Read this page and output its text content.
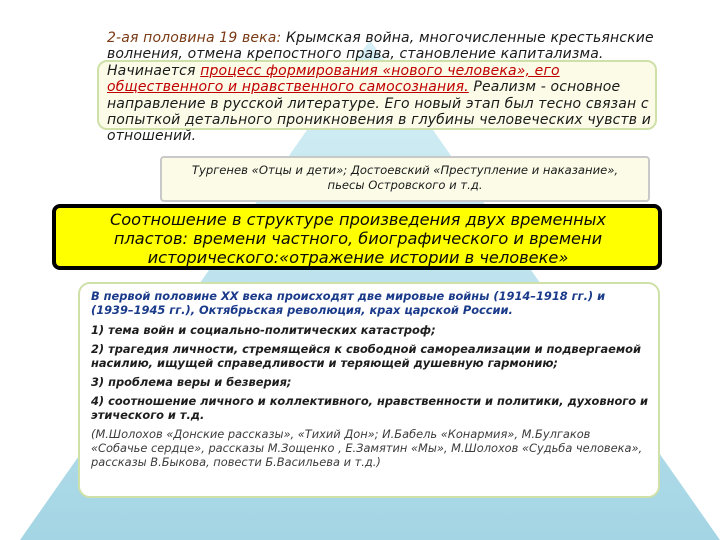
2-ая половина 19 века: Крымская война, многочисленные крестьянские волнения, отмена крепостного права, становление капитализма. Начинается процесс формирования «нового человека», его общественного и нравственного самосознания. Реализм - основное направление в русской литературе. Его новый этап был тесно связан с попыткой детального проникновения в глубины человеческих чувств и отношений.

Тургенев «Отцы и дети»; Достоевский «Преступление и наказание», пьесы Островского и т.д.

Соотношение в структуре произведения двух временных пластов: времени частного, биографического и времени исторического:«отражение истории в человеке»

В первой половине XX века происходят две мировые войны (1914–1918 гг.) и (1939–1945 гг.), Октябрьская революция, крах царской России.

1) тема войн и социально-политических катастроф;

2) трагедия личности, стремящейся к свободной самореализации и подвергаемой насилию, ищущей справедливости и теряющей душевную гармонию;

3) проблема веры и безверия;

4) соотношение личного и коллективного, нравственности и политики, духовного и этического и т.д.

(М.Шолохов «Донские рассказы», «Тихий Дон»; И.Бабель «Конармия», М.Булгаков «Собачье сердце», рассказы М.Зощенко , Е.Замятин «Мы», М.Шолохов «Судьба человека», рассказы В.Быкова, повести Б.Васильева и т.д.)
